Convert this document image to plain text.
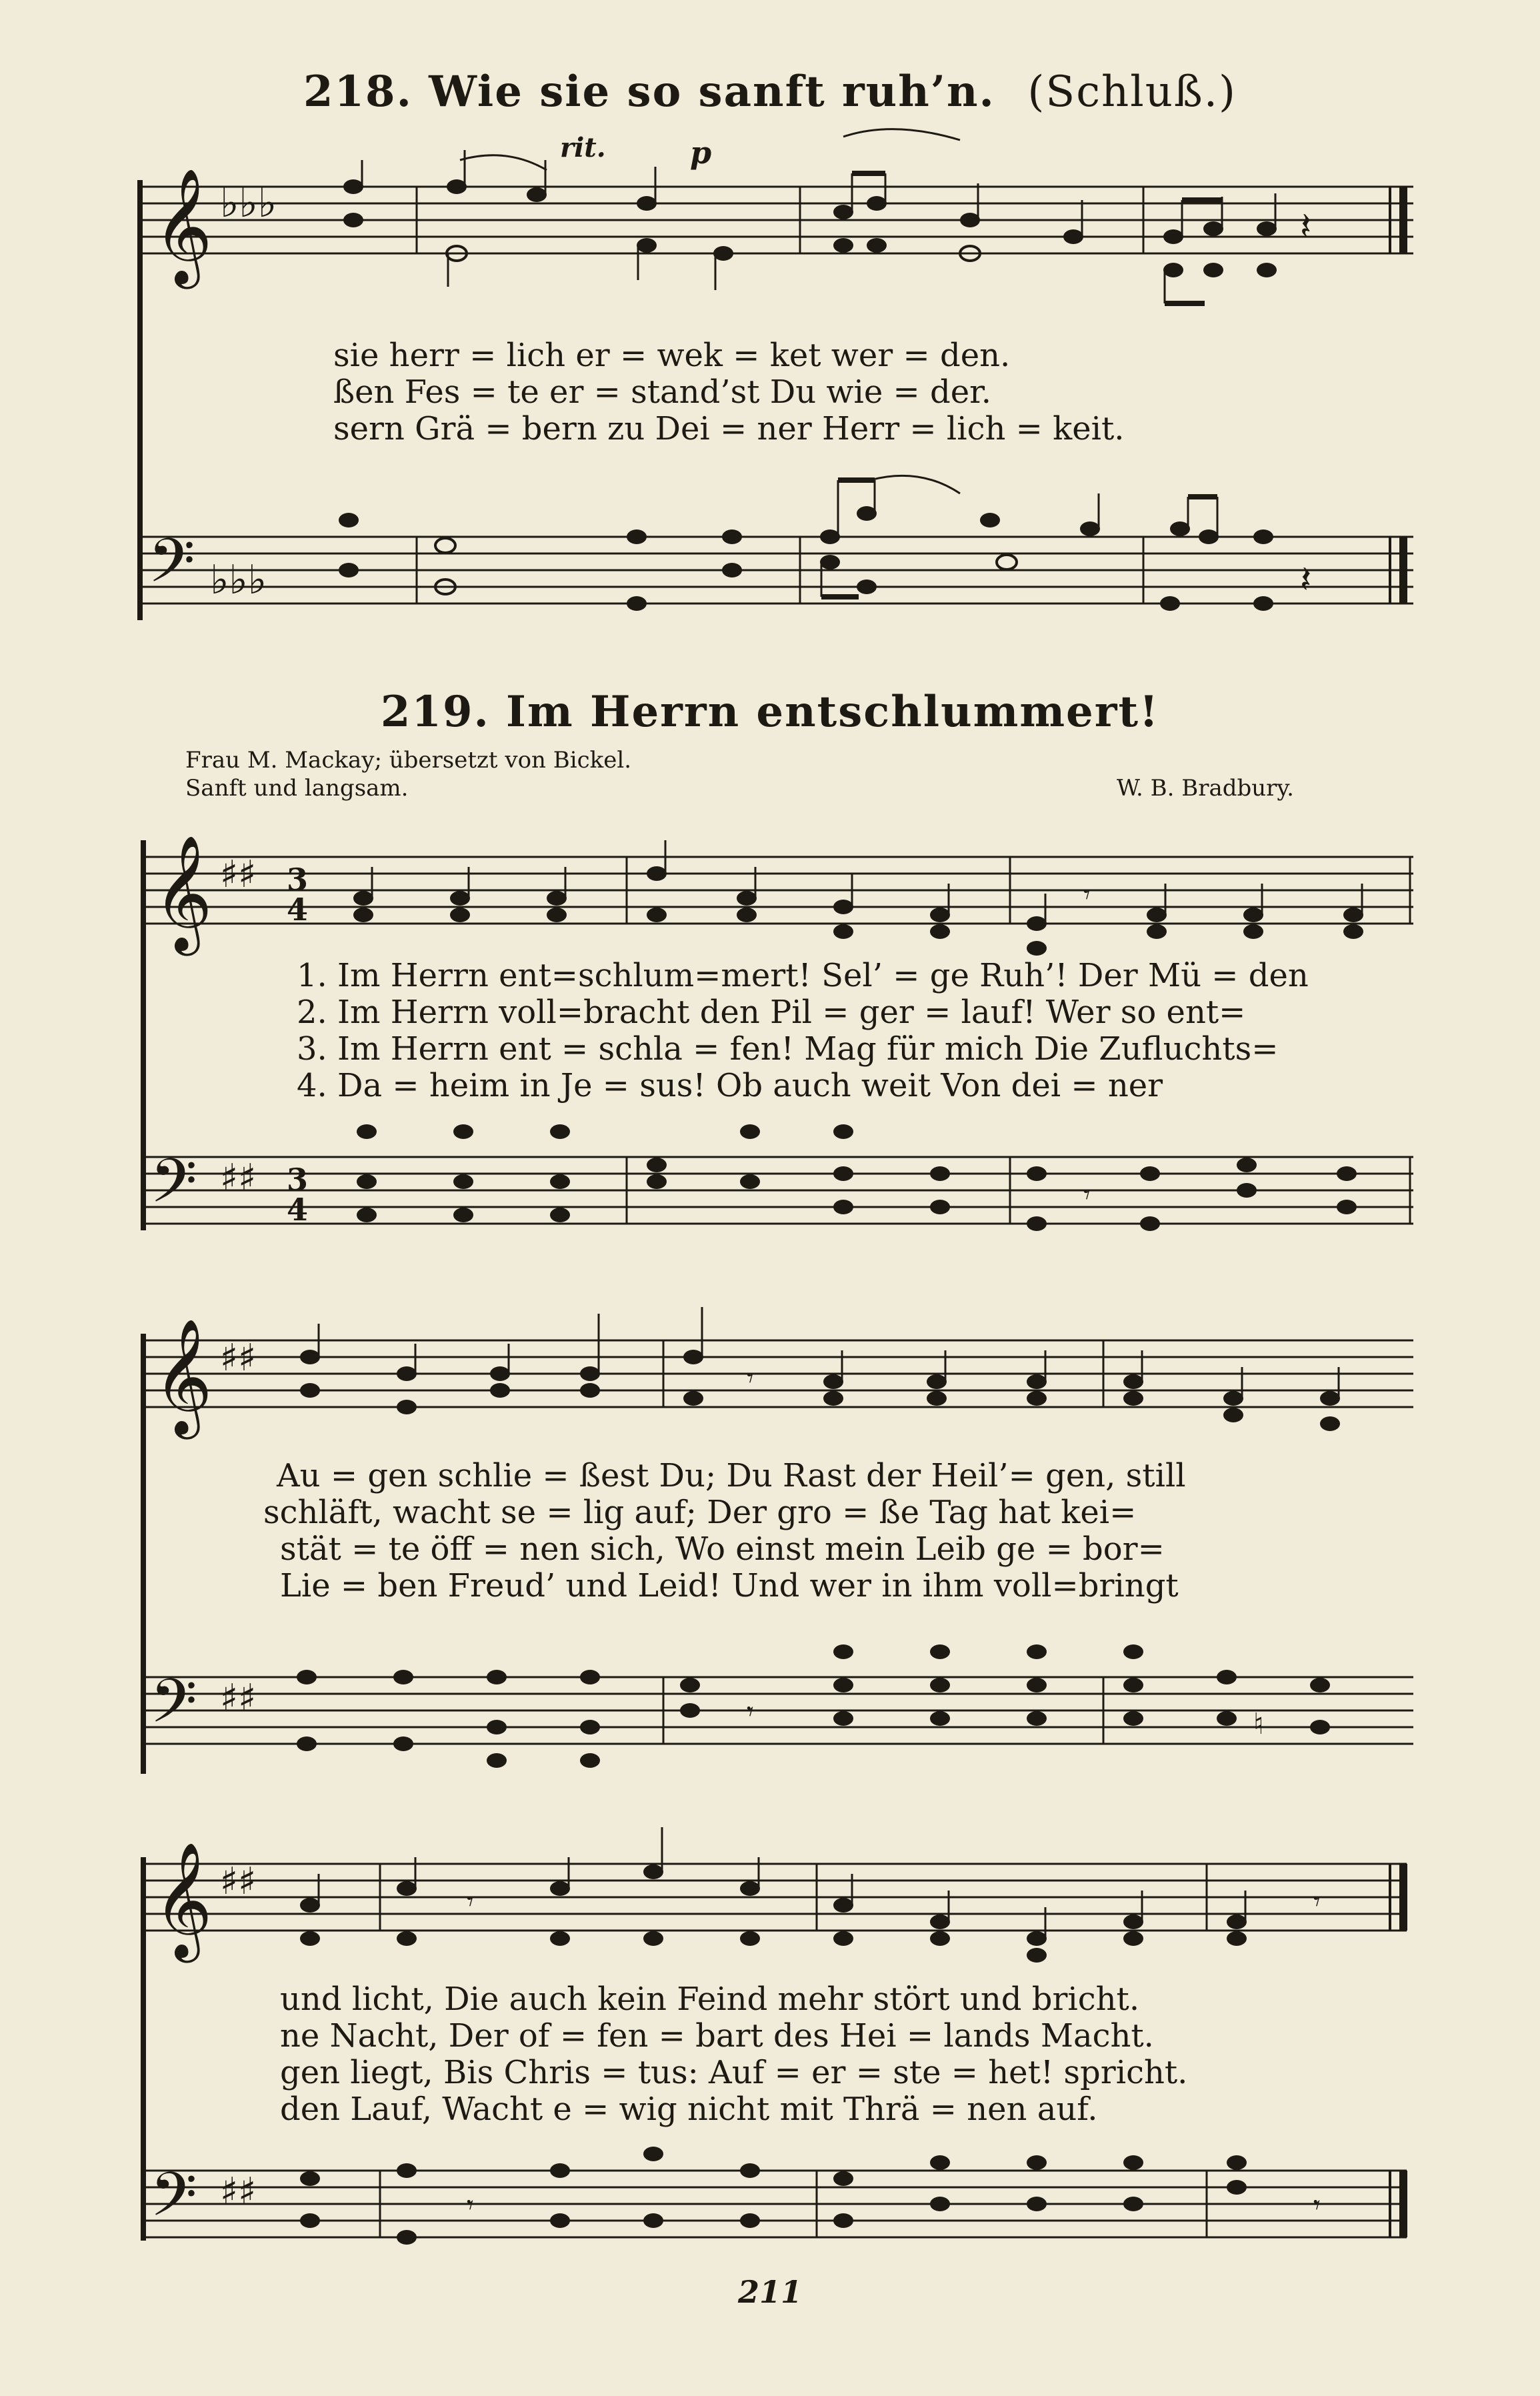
218. Wie sie so sanft ruh’n. (Schluß.)
𝄞 ♭♭♭
rit.	p
𝄽
𝄢 ♭♭♭	𝄽
sie herr = lich er = wek = ket wer = den.
ßen Fes = te er = stand’st Du wie = der.
sern Grä = bern zu Dei = ner Herr = lich = keit.
219. Im Herrn entschlummert!
Frau M. Mackay; übersetzt von Bickel.
Sanft und langsam.	W. B. Bradbury.
𝄞 ♯♯ 3
4	𝄾
𝄢 ♯♯ 3
4	𝄾
1. Im Herrn ent=schlum=mert! Sel’ = ge Ruh’! Der Mü = den
2. Im Herrn voll=bracht den Pil = ger = lauf! Wer so ent=
3. Im Herrn ent = schla = fen! Mag für mich Die Zufluchts=
4. Da = heim in Je = sus! Ob auch weit Von dei = ner
𝄞 ♯♯	𝄾
𝄢 ♯♯	𝄾	♮
Au = gen schlie = ßest Du; Du Rast der Heil’= gen, still
schläft, wacht se = lig auf; Der gro = ße Tag hat kei=
stät = te öff = nen sich, Wo einst mein Leib ge = bor=
Lie = ben Freud’ und Leid! Und wer in ihm voll=bringt
𝄞 ♯♯	𝄾	𝄾
𝄢 ♯♯	𝄾	𝄾
und licht, Die auch kein Feind mehr stört und bricht.
ne Nacht, Der of = fen = bart des Hei = lands Macht.
gen liegt, Bis Chris = tus: Auf = er = ste = het! spricht.
den Lauf, Wacht e = wig nicht mit Thrä = nen auf.
211
